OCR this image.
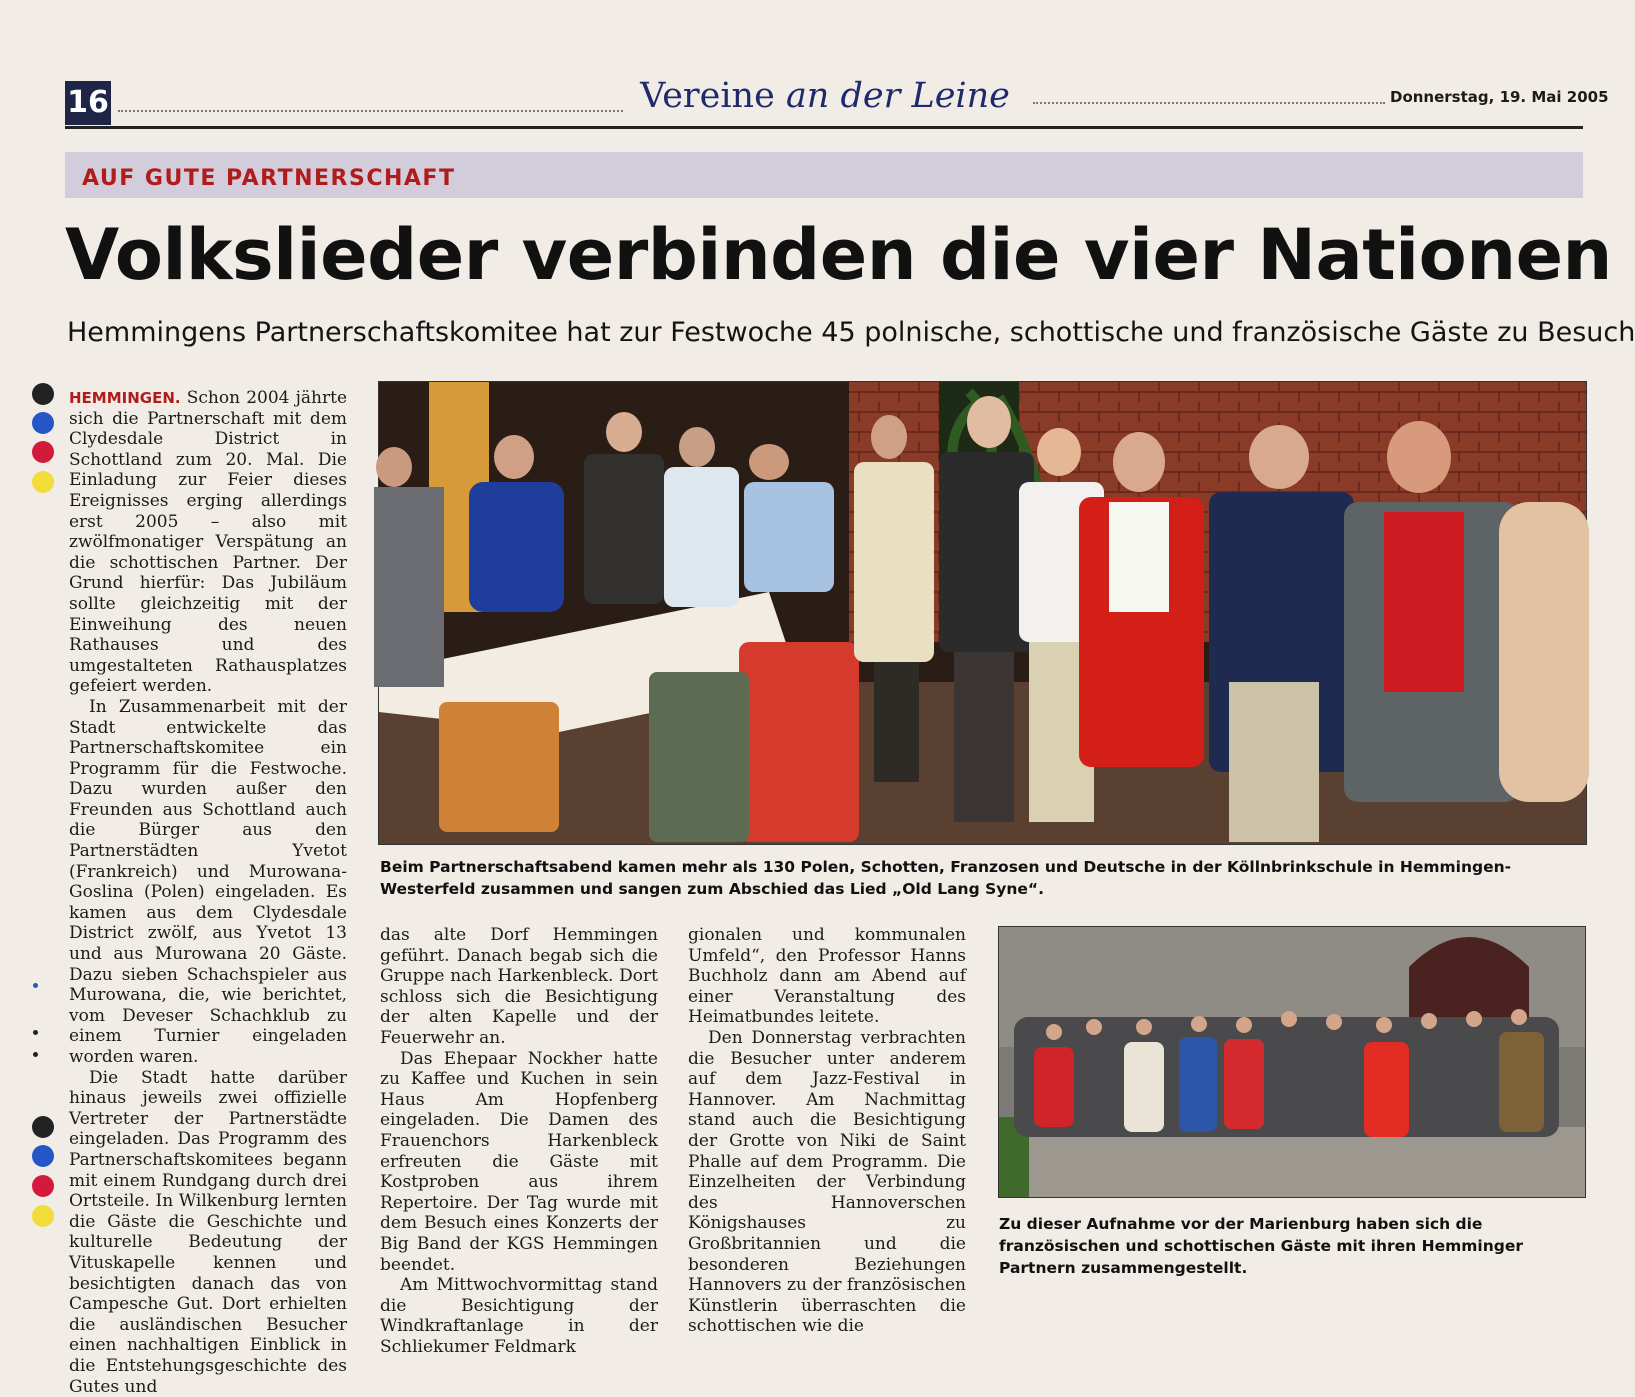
16	Vereine an der Leine	Donnerstag, 19. Mai 2005
AUF GUTE PARTNERSCHAFT
Volkslieder verbinden die vier Nationen
Hemmingens Partnerschaftskomitee hat zur Festwoche 45 polnische, schottische und französische Gäste zu Besuch

HEMMINGEN. Schon 2004 jährte sich die Partnerschaft mit dem Clydesdale District in Schottland zum 20. Mal. Die Einladung zur Feier dieses Ereignisses erging allerdings erst 2005 – also mit zwölfmonatiger Verspätung an die schottischen Partner. Der Grund hierfür: Das Jubiläum sollte gleichzeitig mit der Einweihung des neuen Rathauses und des umgestalteten Rathausplatzes gefeiert werden.

In Zusammenarbeit mit der Stadt entwickelte das Partnerschaftskomitee ein Programm für die Festwoche. Dazu wurden außer den Freunden aus Schottland auch die Bürger aus den Partnerstädten Yvetot (Frankreich) und Murowana-Goslina (Polen) eingeladen. Es kamen aus dem Clydesdale District zwölf, aus Yvetot 13 und aus Murowana 20 Gäste. Dazu sieben Schachspieler aus Murowana, die, wie berichtet, vom Deveser Schachklub zu einem Turnier eingeladen worden waren.

Die Stadt hatte darüber hinaus jeweils zwei offizielle Vertreter der Partnerstädte eingeladen. Das Programm des Partnerschaftskomitees begann mit einem Rundgang durch drei Ortsteile. In Wilkenburg lernten die Gäste die Geschichte und kulturelle Bedeutung der Vituskapelle kennen und besichtigten danach das von Campesche Gut. Dort erhielten die ausländischen Besucher einen nachhaltigen Einblick in die Entstehungsgeschichte des Gutes und

Beim Partnerschaftsabend kamen mehr als 130 Polen, Schotten, Franzosen und Deutsche in der Köllnbrinkschule in Hemmingen-Westerfeld zusammen und sangen zum Abschied das Lied „Old Lang Syne“.

das alte Dorf Hemmingen geführt. Danach begab sich die Gruppe nach Harkenbleck. Dort schloss sich die Besichtigung der alten Kapelle und der Feuerwehr an.

Das Ehepaar Nockher hatte zu Kaffee und Kuchen in sein Haus Am Hopfenberg eingeladen. Die Damen des Frauenchors Harkenbleck erfreuten die Gäste mit Kostproben aus ihrem Repertoire. Der Tag wurde mit dem Besuch eines Konzerts der Big Band der KGS Hemmingen beendet.

Am Mittwochvormittag stand die Besichtigung der Windkraftanlage in der Schliekumer Feldmark

gionalen und kommunalen Umfeld“, den Professor Hanns Buchholz dann am Abend auf einer Veranstaltung des Heimatbundes leitete.

Den Donnerstag verbrachten die Besucher unter anderem auf dem Jazz-Festival in Hannover. Am Nachmittag stand auch die Besichtigung der Grotte von Niki de Saint Phalle auf dem Programm. Die Einzelheiten der Verbindung des Hannoverschen Königshauses zu Großbritannien und die besonderen Beziehungen Hannovers zu der französischen Künstlerin überraschten die schottischen wie die

Zu dieser Aufnahme vor der Marienburg haben sich die französischen und schottischen Gäste mit ihren Hemminger Partnern zusammengestellt.
